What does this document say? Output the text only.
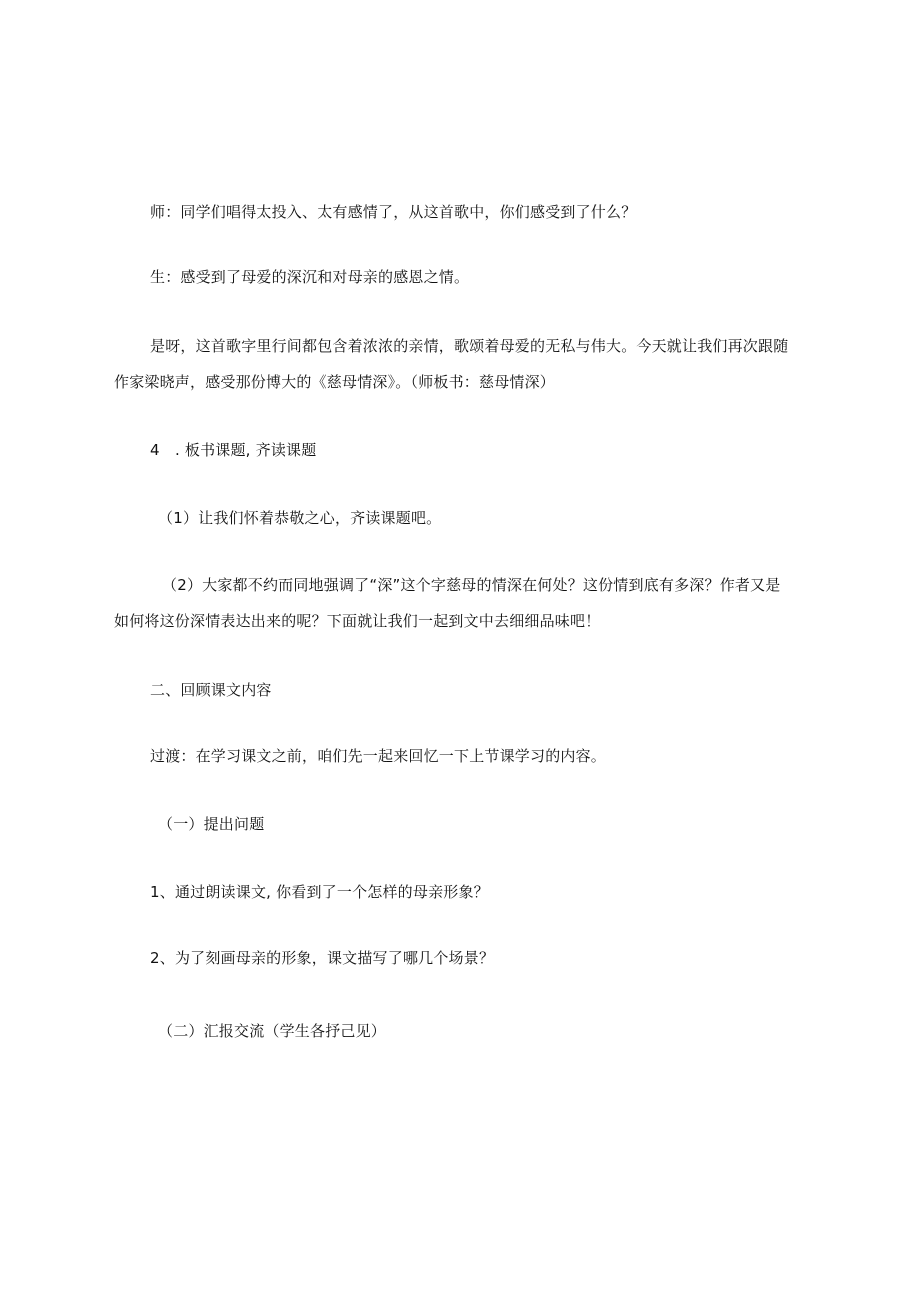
师：同学们唱得太投入、太有感情了，从这首歌中，你们感受到了什么？
生：感受到了母爱的深沉和对母亲的感恩之情。
是呀，这首歌字里行间都包含着浓浓的亲情，歌颂着母爱的无私与伟大。今天就让我们再次跟随
作家梁晓声，感受那份博大的《慈母情深》。（师板书：慈母情深）
4　. 板书课题, 齐读课题
（1）让我们怀着恭敬之心，齐读课题吧。
（2）大家都不约而同地强调了“深”这个字慈母的情深在何处？这份情到底有多深？作者又是
如何将这份深情表达出来的呢？下面就让我们一起到文中去细细品味吧！
二、回顾课文内容
过渡：在学习课文之前，咱们先一起来回忆一下上节课学习的内容。
（一）提出问题
1、通过朗读课文, 你看到了一个怎样的母亲形象？
2、为了刻画母亲的形象，课文描写了哪几个场景？
（二）汇报交流（学生各抒己见）
